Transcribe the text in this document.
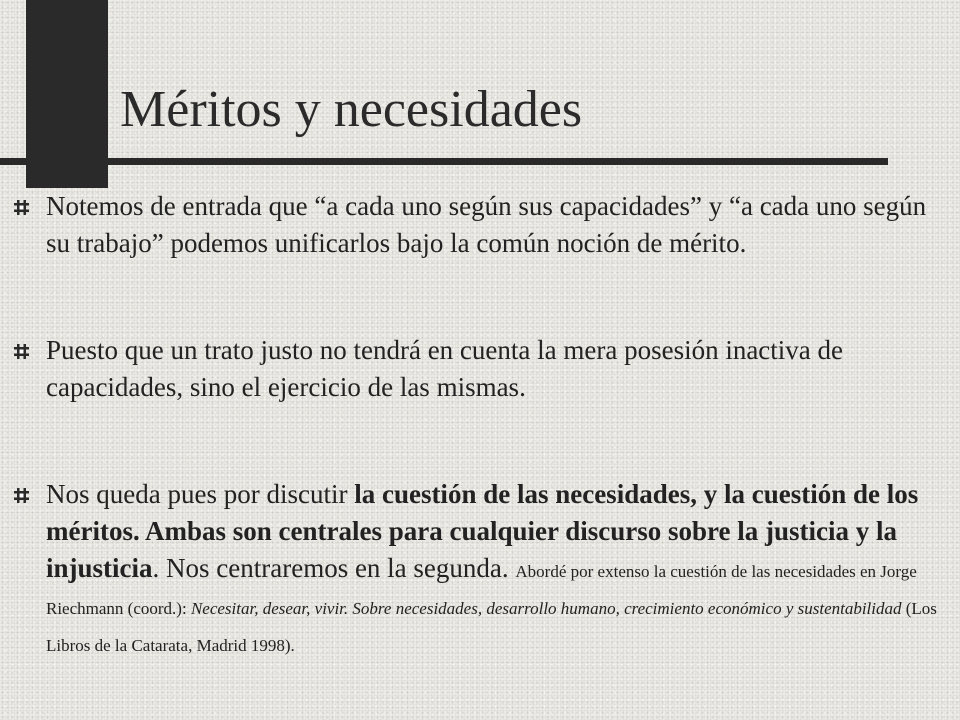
Méritos y necesidades
Notemos de entrada que “a cada uno según sus capacidades” y “a cada uno según su trabajo” podemos unificarlos bajo la común noción de mérito.
Puesto que un trato justo no tendrá en cuenta la mera posesión inactiva de capacidades, sino el ejercicio de las mismas.
Nos queda pues por discutir la cuestión de las necesidades, y la cuestión de los méritos. Ambas son centrales para cualquier discurso sobre la justicia y la injusticia. Nos centraremos en la segunda. Abordé por extenso la cuestión de las necesidades en Jorge Riechmann (coord.): Necesitar, desear, vivir. Sobre necesidades, desarrollo humano, crecimiento económico y sustentabilidad (Los Libros de la Catarata, Madrid 1998).
